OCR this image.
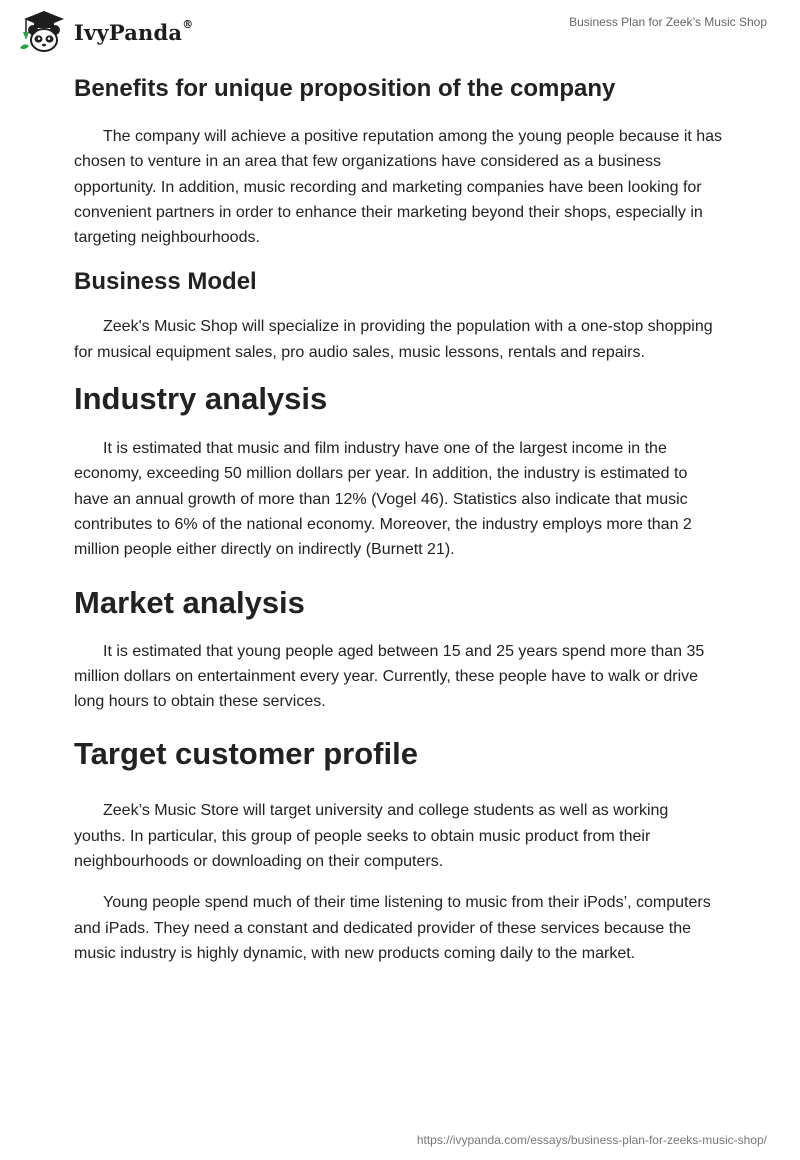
IvyPanda®	Business Plan for Zeek’s Music Shop
Benefits for unique proposition of the company

The company will achieve a positive reputation among the young people because it has chosen to venture in an area that few organizations have considered as a business opportunity. In addition, music recording and marketing companies have been looking for convenient partners in order to enhance their marketing beyond their shops, especially in targeting neighbourhoods.

Business Model

Zeek's Music Shop will specialize in providing the population with a one-stop shopping for musical equipment sales, pro audio sales, music lessons, rentals and repairs.

Industry analysis

It is estimated that music and film industry have one of the largest income in the economy, exceeding 50 million dollars per year. In addition, the industry is estimated to have an annual growth of more than 12% (Vogel 46). Statistics also indicate that music contributes to 6% of the national economy. Moreover, the industry employs more than 2 million people either directly on indirectly (Burnett 21).

Market analysis

It is estimated that young people aged between 15 and 25 years spend more than 35 million dollars on entertainment every year. Currently, these people have to walk or drive long hours to obtain these services.

Target customer profile

Zeek’s Music Store will target university and college students as well as working youths. In particular, this group of people seeks to obtain music product from their neighbourhoods or downloading on their computers.

Young people spend much of their time listening to music from their iPods’, computers and iPads. They need a constant and dedicated provider of these services because the music industry is highly dynamic, with new products coming daily to the market.

https://ivypanda.com/essays/business-plan-for-zeeks-music-shop/
